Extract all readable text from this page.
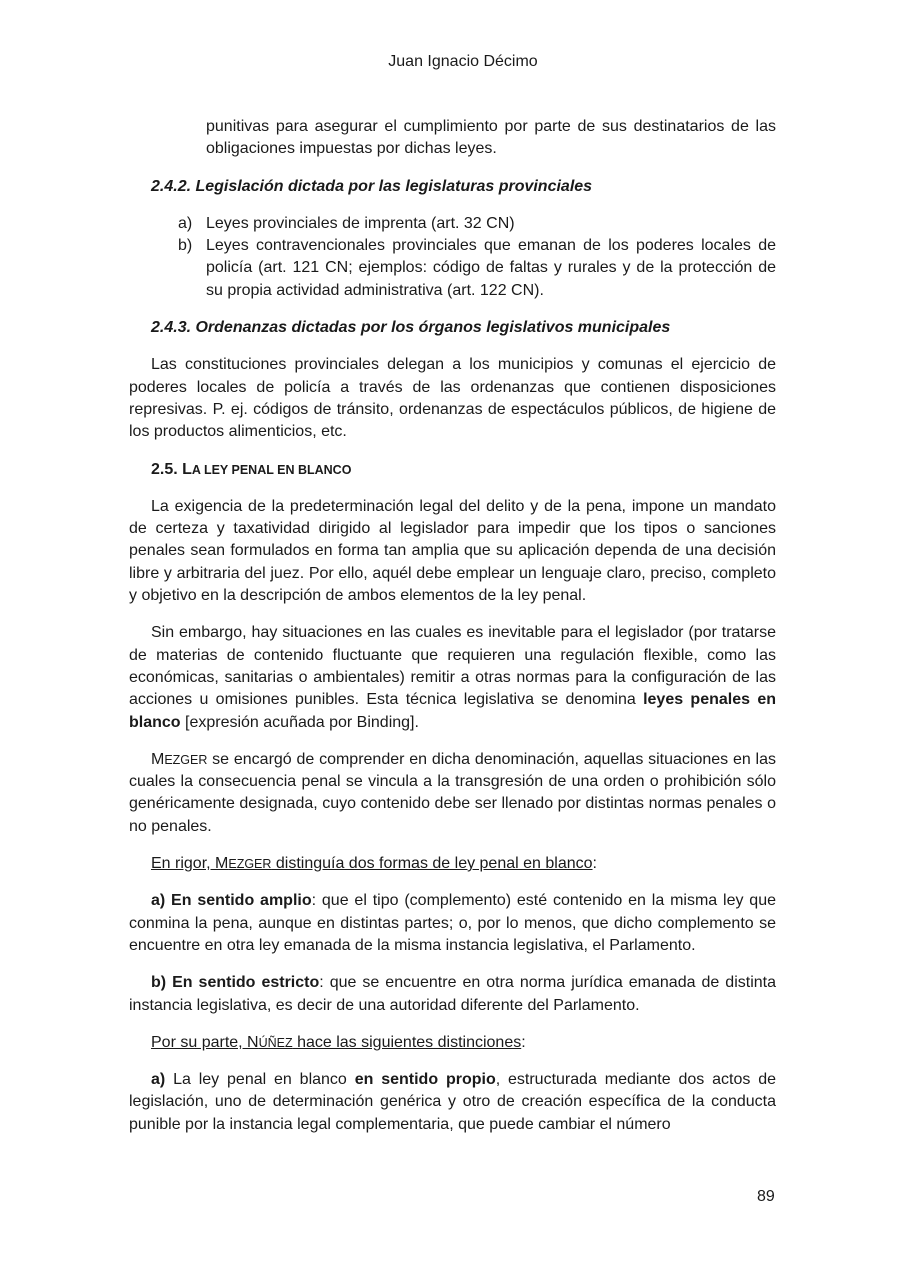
Juan Ignacio Décimo

punitivas para asegurar el cumplimiento por parte de sus destinatarios de las obligaciones impuestas por dichas leyes.

2.4.2. Legislación dictada por las legislaturas provinciales

a) Leyes provinciales de imprenta (art. 32 CN)
b) Leyes contravencionales provinciales que emanan de los poderes locales de policía (art. 121 CN; ejemplos: código de faltas y rurales y de la protección de su propia actividad administrativa (art. 122 CN).

2.4.3. Ordenanzas dictadas por los órganos legislativos municipales

Las constituciones provinciales delegan a los municipios y comunas el ejercicio de poderes locales de policía a través de las ordenanzas que contienen disposiciones represivas. P. ej. códigos de tránsito, ordenanzas de espectáculos públicos, de higiene de los productos alimenticios, etc.

2.5. LA LEY PENAL EN BLANCO

La exigencia de la predeterminación legal del delito y de la pena, impone un mandato de certeza y taxatividad dirigido al legislador para impedir que los tipos o sanciones penales sean formulados en forma tan amplia que su aplicación dependa de una decisión libre y arbitraria del juez. Por ello, aquél debe emplear un lenguaje claro, preciso, completo y objetivo en la descripción de ambos elementos de la ley penal.

Sin embargo, hay situaciones en las cuales es inevitable para el legislador (por tratarse de materias de contenido fluctuante que requieren una regulación flexible, como las económicas, sanitarias o ambientales) remitir a otras normas para la configuración de las acciones u omisiones punibles. Esta técnica legislativa se denomina leyes penales en blanco [expresión acuñada por Binding].

MEZGER se encargó de comprender en dicha denominación, aquellas situaciones en las cuales la consecuencia penal se vincula a la transgresión de una orden o prohibición sólo genéricamente designada, cuyo contenido debe ser llenado por distintas normas penales o no penales.

En rigor, MEZGER distinguía dos formas de ley penal en blanco:

a) En sentido amplio: que el tipo (complemento) esté contenido en la misma ley que conmina la pena, aunque en distintas partes; o, por lo menos, que dicho complemento se encuentre en otra ley emanada de la misma instancia legislativa, el Parlamento.

b) En sentido estricto: que se encuentre en otra norma jurídica emanada de distinta instancia legislativa, es decir de una autoridad diferente del Parlamento.

Por su parte, NÚÑEZ hace las siguientes distinciones:

a) La ley penal en blanco en sentido propio, estructurada mediante dos actos de legislación, uno de determinación genérica y otro de creación específica de la conducta punible por la instancia legal complementaria, que puede cambiar el número

89
